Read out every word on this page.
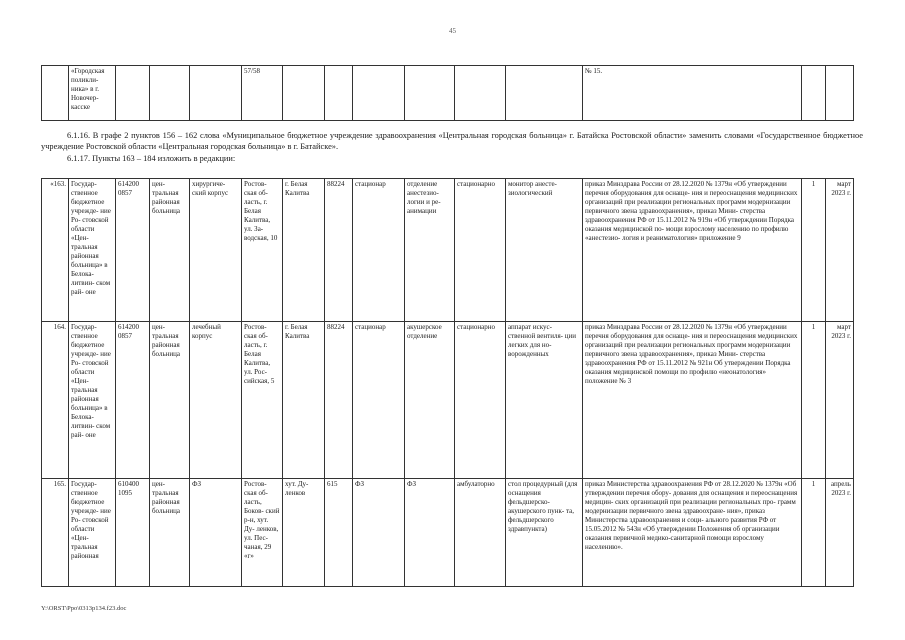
45
	«Городская поликли- ника» в г. Новочер- касске				57/58							№ 15.		
6.1.16. В графе 2 пунктов 156 – 162 слова «Муниципальное бюджетное учреждение здравоохранения «Центральная городская больница» г. Батайска Ростовской области» заменить словами «Государственное бюджетное учреждение Ростовской области «Центральная городская больница» в г. Батайске».
6.1.17. Пункты 163 – 184 изложить в редакции:
«163.	Государ- ственное бюджетное учрежде- ние Ро- стовской области «Цен- тральная районная больница» в Белока- литвин- ском рай- оне	614200 0857	цен- тральная районная больница	хирургиче- ский корпус	Ростов- ская об- ласть, г. Белая Калитва, ул. За- водская, 10	г. Белая Калитва	88224	стационар	отделение анестезио- логии и ре- анимации	стационарно	монитор анесте- зиологический	приказ Минздрава России от 28.12.2020 № 1379н «Об утверждении перечня оборудования для оснаще- ния и переоснащения медицинских организаций при реализации региональных программ модернизации первичного звена здравоохранения», приказ Мини- стерства здравоохранения РФ от 15.11.2012 № 919н «Об утверждении Порядка оказания медицинской по- мощи взрослому населению по профилю «анестезио- логия и реаниматология» приложение 9	1	март 2023 г.
164.	Государ- ственное бюджетное учрежде- ние Ро- стовской области «Цен- тральная районная больница» в Белока- литвин- ском рай- оне	614200 0857	цен- тральная районная больница	лечебный корпус	Ростов- ская об- ласть, г. Белая Калитва, ул. Рос- сийская, 5	г. Белая Калитва	88224	стационар	акушерское отделение	стационарно	аппарат искус- ственной вентиля- ции легких для но- ворожденных	приказ Минздрава России от 28.12.2020 № 1379н «Об утверждении перечня оборудования для оснаще- ния и переоснащения медицинских организаций при реализации региональных программ модернизации первичного звена здравоохранения», приказ Мини- стерства здравоохранения РФ от 15.11.2012 № 921н Об утверждении Порядка оказания медицинской помощи по профилю «неонатология» положение № 3	1	март 2023 г.
165.	Государ- ственное бюджетное учрежде- ние Ро- стовской области «Цен- тральная районная	610400 1095	цен- тральная районная больница	ФЗ	Ростов- ская об- ласть, Боков- ский р-н, хут. Ду- ленков, ул. Пес- чаная, 29 «г»	хут. Ду- ленков	615	ФЗ	ФЗ	амбулаторно	стол процедурный (для оснащения фельдшерско- акушерского пунк- та, фельдшерского здравпункта)	приказ Министерства здравоохранения РФ от 28.12.2020 № 1379н «Об утверждении перечня обору- дования для оснащения и переоснащения медицин- ских организаций при реализации региональных про- грамм модернизации первичного звена здравоохране- ния», приказ Министерства здравоохранения и соци- ального развития РФ от 15.05.2012 № 543н «Об утверждении Положения об организации оказания первичной медико-санитарной помощи взрослому населению».	1	апрель 2023 г.
Y:\ORST\Ppo\0313p134.f23.doc
